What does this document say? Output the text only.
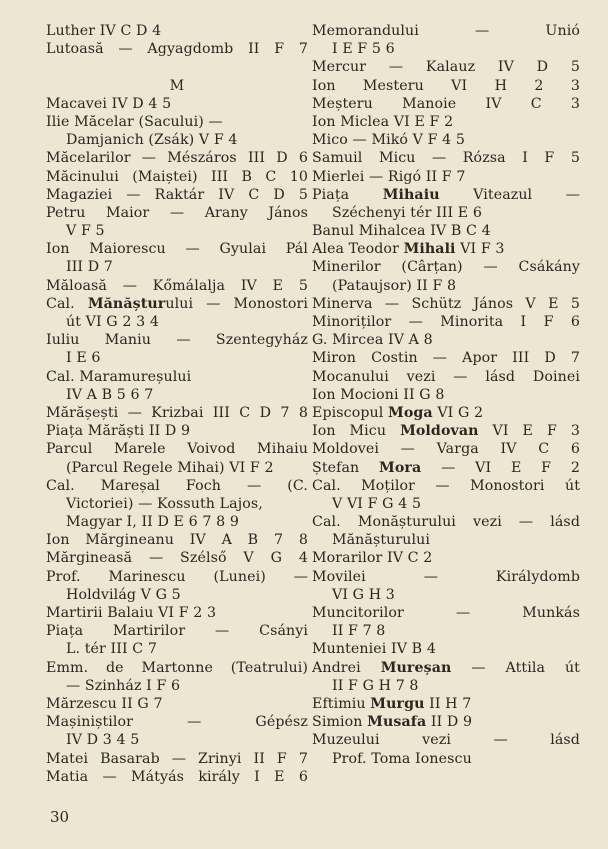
Luther IV C D 4
Lutoasă — Agyagdomb II F 7
M
Macavei IV D 4 5
Ilie Măcelar (Sacului) —
Damjanich (Zsák) V F 4
Măcelarilor — Mészáros III D 6
Măcinului (Maiștei) III B C 10
Magaziei — Raktár IV C D 5
Petru Maior — Arany János
V F 5
Ion Maiorescu — Gyulai Pál
III D 7
Măloasă — Kőmálalja IV E 5
Cal. Mănășturului — Monostori
út VI G 2 3 4
Iuliu Maniu — Szentegyház
I E 6
Cal. Maramureșului
IV A B 5 6 7
Mărășești — Krizbai III C D 7 8
Piața Mărăști II D 9
Parcul Marele Voivod Mihaiu
(Parcul Regele Mihai) VI F 2
Cal. Mareșal Foch — (C.
Victoriei) — Kossuth Lajos,
Magyar I, II D E 6 7 8 9
Ion Mărgineanu IV A B 7 8
Mărgineasă — Szélső V G 4
Prof. Marinescu (Lunei) —
Holdvilág V G 5
Martirii Balaiu VI F 2 3
Piața Martirilor — Csányi
L. tér III C 7
Emm. de Martonne (Teatrului)
— Szinház I F 6
Mărzescu II G 7
Mașiniștilor — Gépész
IV D 3 4 5
Matei Basarab — Zrinyi II F 7
Matia — Mátyás király I E 6
Memorandului — Unió
I E F 5 6
Mercur — Kalauz IV D 5
Ion Mesteru VI H 2 3
Meșteru Manoie IV C 3
Ion Miclea VI E F 2
Mico — Mikó V F 4 5
Samuil Micu — Rózsa I F 5
Mierlei — Rigó II F 7
Piața Mihaiu Viteazul —
Széchenyi tér III E 6
Banul Mihalcea IV B C 4
Alea Teodor Mihali VI F 3
Minerilor (Cârțan) — Csákány
(Pataujsor) II F 8
Minerva — Schütz János V E 5
Minoriților — Minorita I F 6
G. Mircea IV A 8
Miron Costin — Apor III D 7
Mocanului vezi — lásd Doinei
Ion Mocioni II G 8
Episcopul Moga VI G 2
Ion Micu Moldovan VI E F 3
Moldovei — Varga IV C 6
Ștefan Mora — VI E F 2
Cal. Moților — Monostori út
V VI F G 4 5
Cal. Monășturului vezi — lásd
Mănășturului
Morarilor IV C 2
Movilei — Királydomb
VI G H 3
Muncitorilor — Munkás
II F 7 8
Munteniei IV B 4
Andrei Mureșan — Attila út
II F G H 7 8
Eftimiu Murgu II H 7
Simion Musafa II D 9
Muzeului vezi — lásd
Prof. Toma Ionescu
30
